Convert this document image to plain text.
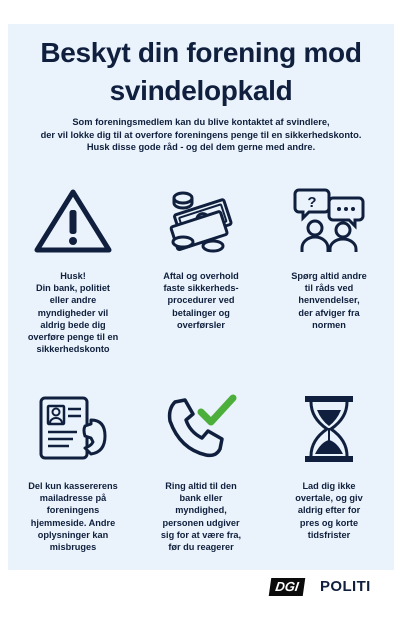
Beskyt din forening mod
svindelopkald
Som foreningsmedlem kan du blive kontaktet af svindlere,
der vil lokke dig til at overfore foreningens penge til en sikkerhedskonto.
Husk disse gode råd - og del dem gerne med andre.
Husk!
Din bank, politiet
eller andre
myndigheder vil
aldrig bede dig
overføre penge til en
sikkerhedskonto
Aftal og overhold
faste sikkerheds-
procedurer ved
betalinger og
overførsler
?
Spørg altid andre
til råds ved
henvendelser,
der afviger fra
normen
Del kun kassererens
mailadresse på
foreningens
hjemmeside. Andre
oplysninger kan
misbruges
Ring altid til den
bank eller
myndighed,
personen udgiver
sig for at være fra,
før du reagerer
Lad dig ikke
overtale, og giv
aldrig efter for
pres og korte
tidsfrister
DGI	POLITI
